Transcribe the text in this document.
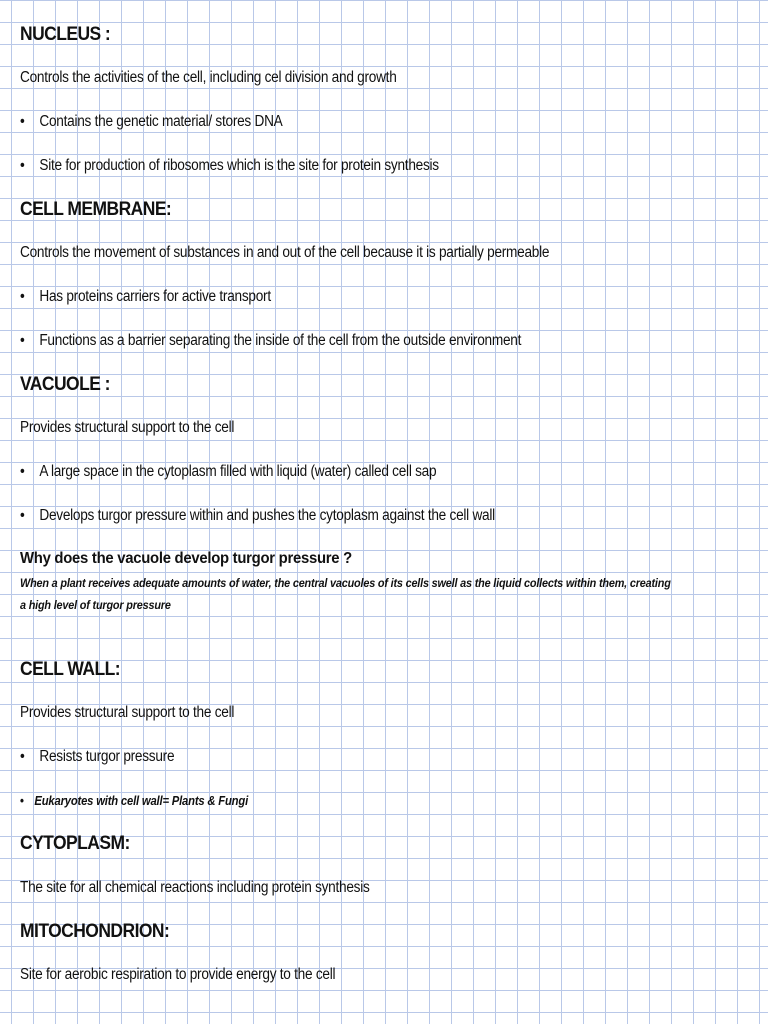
NUCLEUS :
Controls the activities of the cell, including cel division and growth
• Contains the genetic material/ stores DNA
• Site for production of ribosomes which is the site for protein synthesis
CELL MEMBRANE:
Controls the movement of substances in and out of the cell because it is partially permeable
• Has proteins carriers for active transport
• Functions as a barrier separating the inside of the cell from the outside environment
VACUOLE :
Provides structural support to the cell
• A large space in the cytoplasm filled with liquid (water) called cell sap
• Develops turgor pressure within and pushes the cytoplasm against the cell wall
Why does the vacuole develop turgor pressure ?
When a plant receives adequate amounts of water, the central vacuoles of its cells swell as the liquid collects within them, creating
a high level of turgor pressure
CELL WALL:
Provides structural support to the cell
• Resists turgor pressure
• Eukaryotes with cell wall= Plants & Fungi
CYTOPLASM:
The site for all chemical reactions including protein synthesis
MITOCHONDRION:
Site for aerobic respiration to provide energy to the cell
